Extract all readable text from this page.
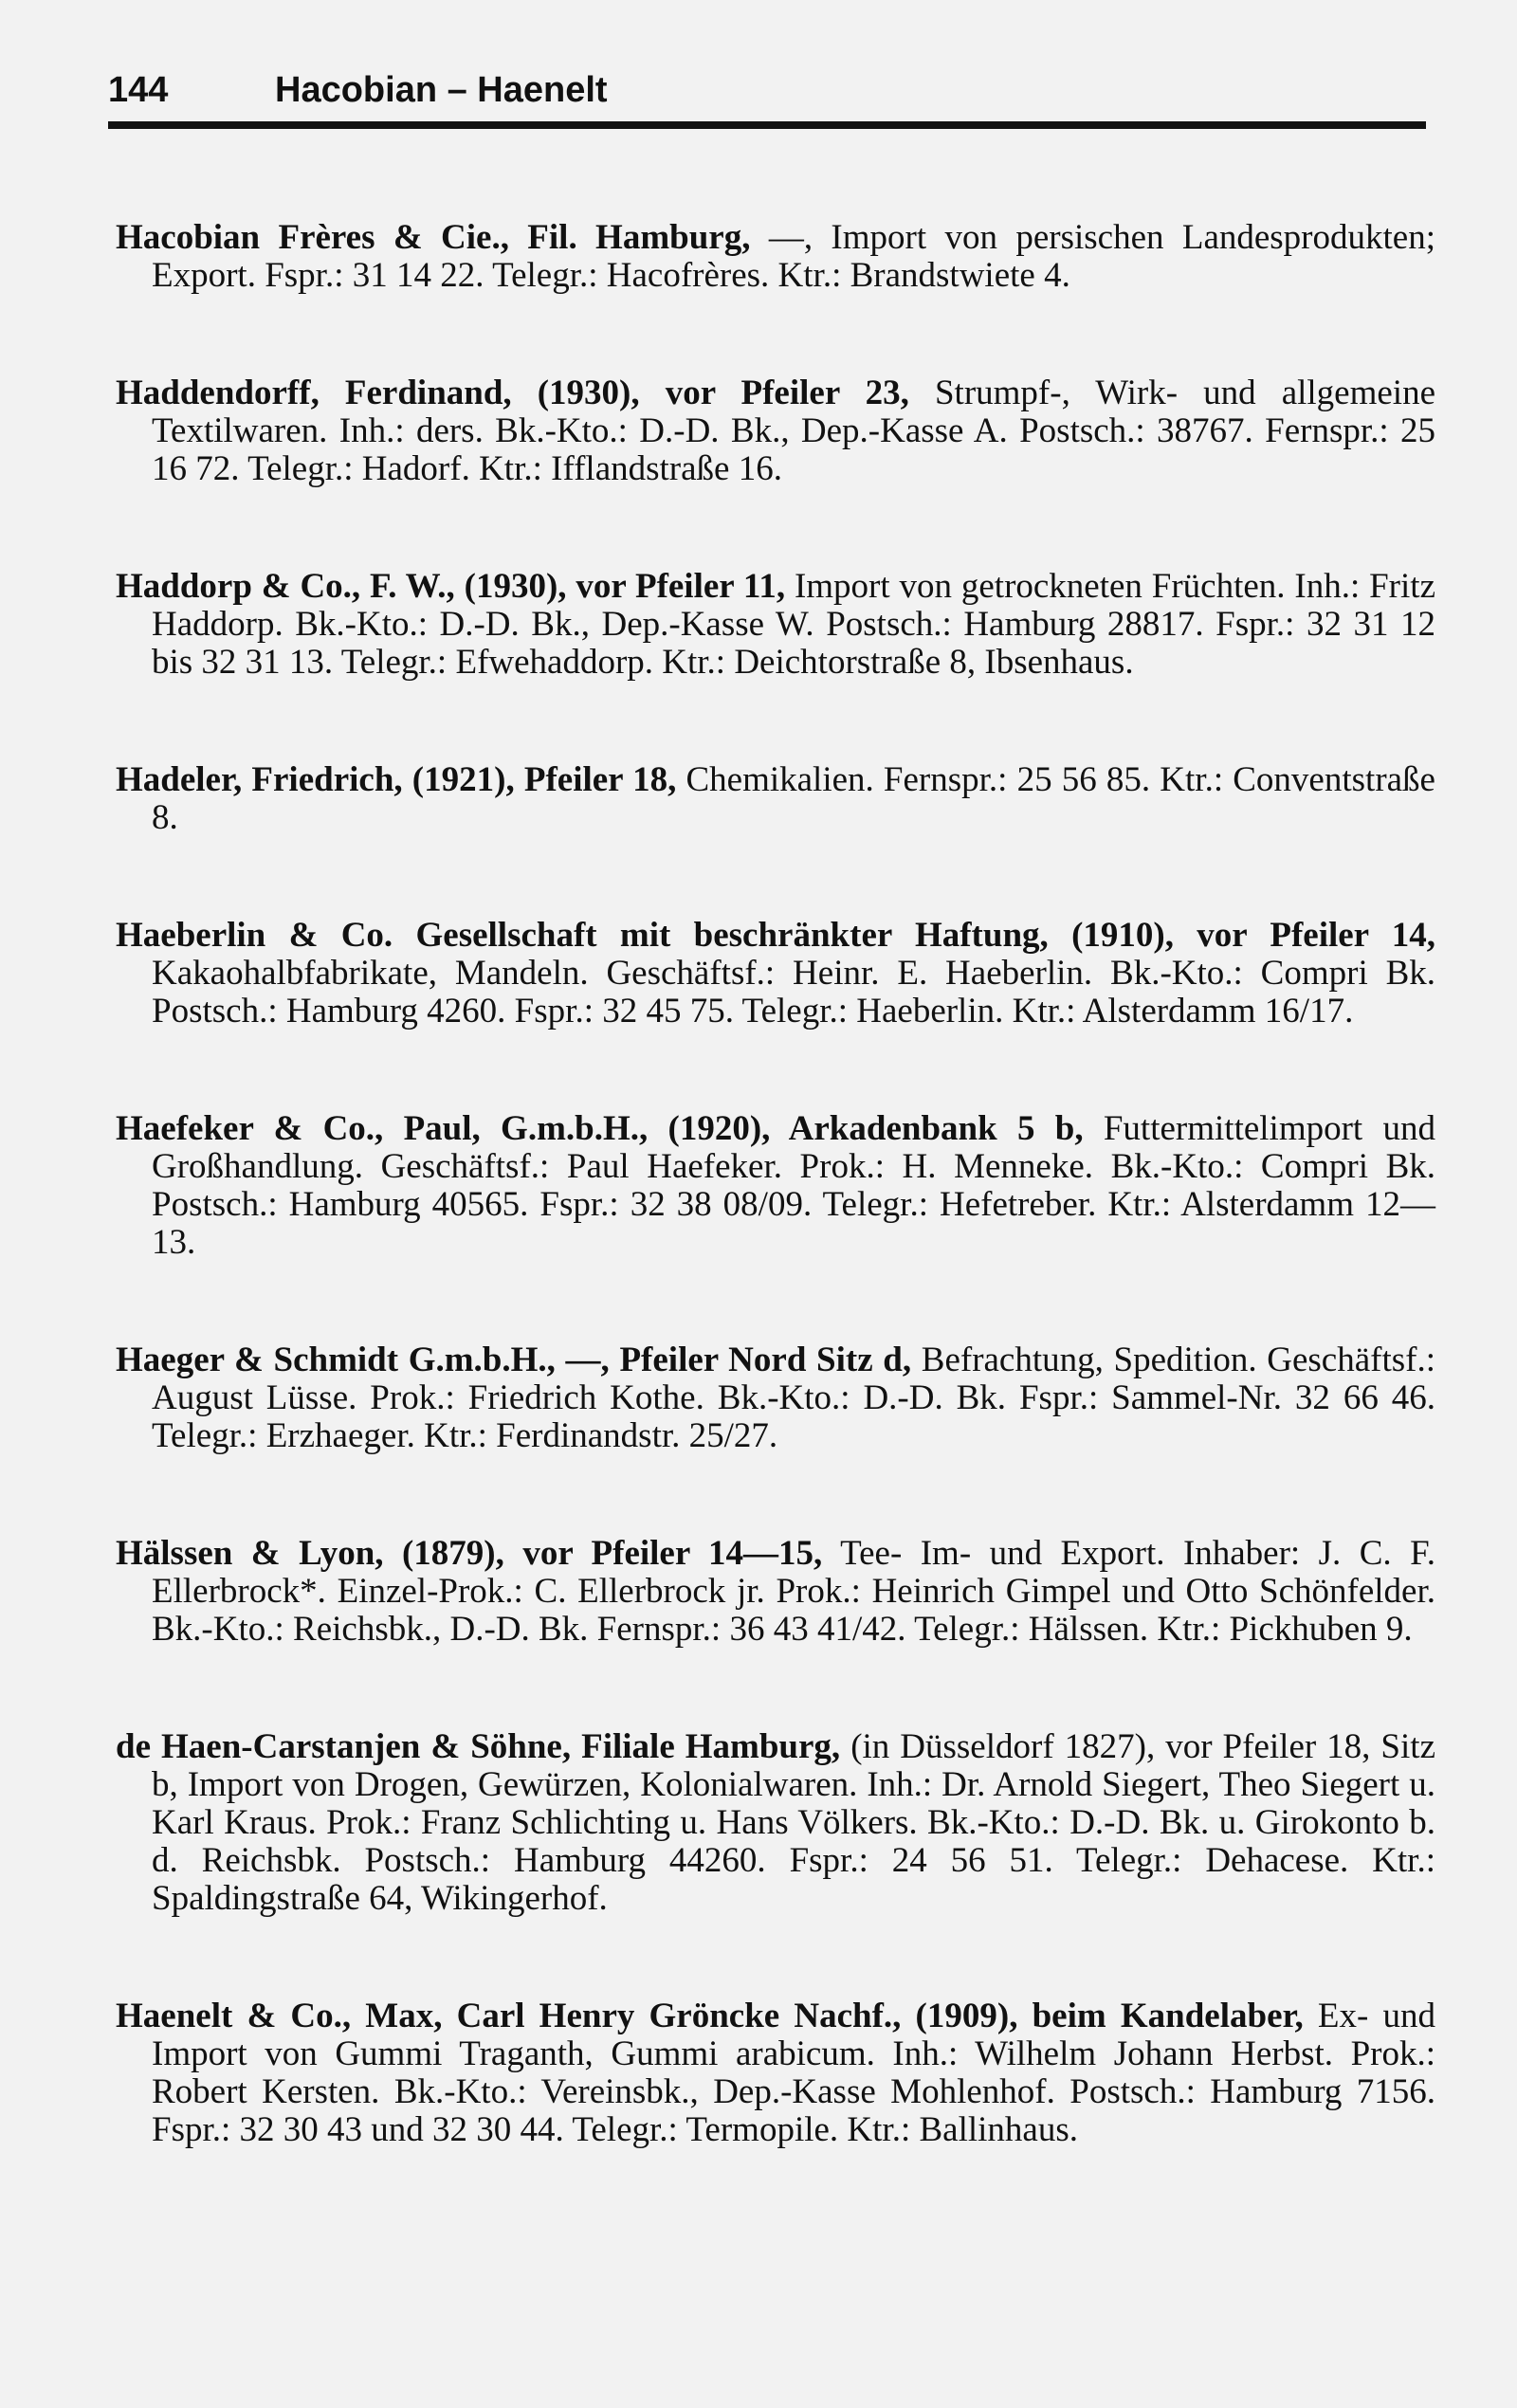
144	Hacobian – Haenelt

Hacobian Frères & Cie., Fil. Hamburg, —, Import von persischen Landesprodukten; Export. Fspr.: 31 14 22. Telegr.: Hacofrères. Ktr.: Brandstwiete 4.

Haddendorff, Ferdinand, (1930), vor Pfeiler 23, Strumpf-, Wirk- und allgemeine Textilwaren. Inh.: ders. Bk.-Kto.: D.-D. Bk., Dep.-Kasse A. Postsch.: 38767. Fernspr.: 25 16 72. Telegr.: Hadorf. Ktr.: Ifflandstraße 16.

Haddorp & Co., F. W., (1930), vor Pfeiler 11, Import von getrockneten Früchten. Inh.: Fritz Haddorp. Bk.-Kto.: D.-D. Bk., Dep.-Kasse W. Postsch.: Hamburg 28817. Fspr.: 32 31 12 bis 32 31 13. Telegr.: Efwehaddorp. Ktr.: Deichtorstraße 8, Ibsenhaus.

Hadeler, Friedrich, (1921), Pfeiler 18, Chemikalien. Fernspr.: 25 56 85. Ktr.: Conventstraße 8.

Haeberlin & Co. Gesellschaft mit beschränkter Haftung, (1910), vor Pfeiler 14, Kakaohalbfabrikate, Mandeln. Geschäftsf.: Heinr. E. Haeberlin. Bk.-Kto.: Compri Bk. Postsch.: Hamburg 4260. Fspr.: 32 45 75. Telegr.: Haeberlin. Ktr.: Alsterdamm 16/17.

Haefeker & Co., Paul, G.m.b.H., (1920), Arkadenbank 5 b, Futtermittelimport und Großhandlung. Geschäftsf.: Paul Haefeker. Prok.: H. Menneke. Bk.-Kto.: Compri Bk. Postsch.: Hamburg 40565. Fspr.: 32 38 08/09. Telegr.: Hefetreber. Ktr.: Alsterdamm 12—13.

Haeger & Schmidt G.m.b.H., —, Pfeiler Nord Sitz d, Befrachtung, Spedition. Geschäftsf.: August Lüsse. Prok.: Friedrich Kothe. Bk.-Kto.: D.-D. Bk. Fspr.: Sammel-Nr. 32 66 46. Telegr.: Erzhaeger. Ktr.: Ferdinandstr. 25/27.

Hälssen & Lyon, (1879), vor Pfeiler 14—15, Tee- Im- und Export. Inhaber: J. C. F. Ellerbrock*. Einzel-Prok.: C. Ellerbrock jr. Prok.: Heinrich Gimpel und Otto Schönfelder. Bk.-Kto.: Reichsbk., D.-D. Bk. Fernspr.: 36 43 41/42. Telegr.: Hälssen. Ktr.: Pickhuben 9.

de Haen-Carstanjen & Söhne, Filiale Hamburg, (in Düsseldorf 1827), vor Pfeiler 18, Sitz b, Import von Drogen, Gewürzen, Kolonialwaren. Inh.: Dr. Arnold Siegert, Theo Siegert u. Karl Kraus. Prok.: Franz Schlichting u. Hans Völkers. Bk.-Kto.: D.-D. Bk. u. Girokonto b. d. Reichsbk. Postsch.: Hamburg 44260. Fspr.: 24 56 51. Telegr.: Dehacese. Ktr.: Spaldingstraße 64, Wikingerhof.

Haenelt & Co., Max, Carl Henry Gröncke Nachf., (1909), beim Kandelaber, Ex- und Import von Gummi Traganth, Gummi arabicum. Inh.: Wilhelm Johann Herbst. Prok.: Robert Kersten. Bk.-Kto.: Vereinsbk., Dep.-Kasse Mohlenhof. Postsch.: Hamburg 7156. Fspr.: 32 30 43 und 32 30 44. Telegr.: Termopile. Ktr.: Ballinhaus.
